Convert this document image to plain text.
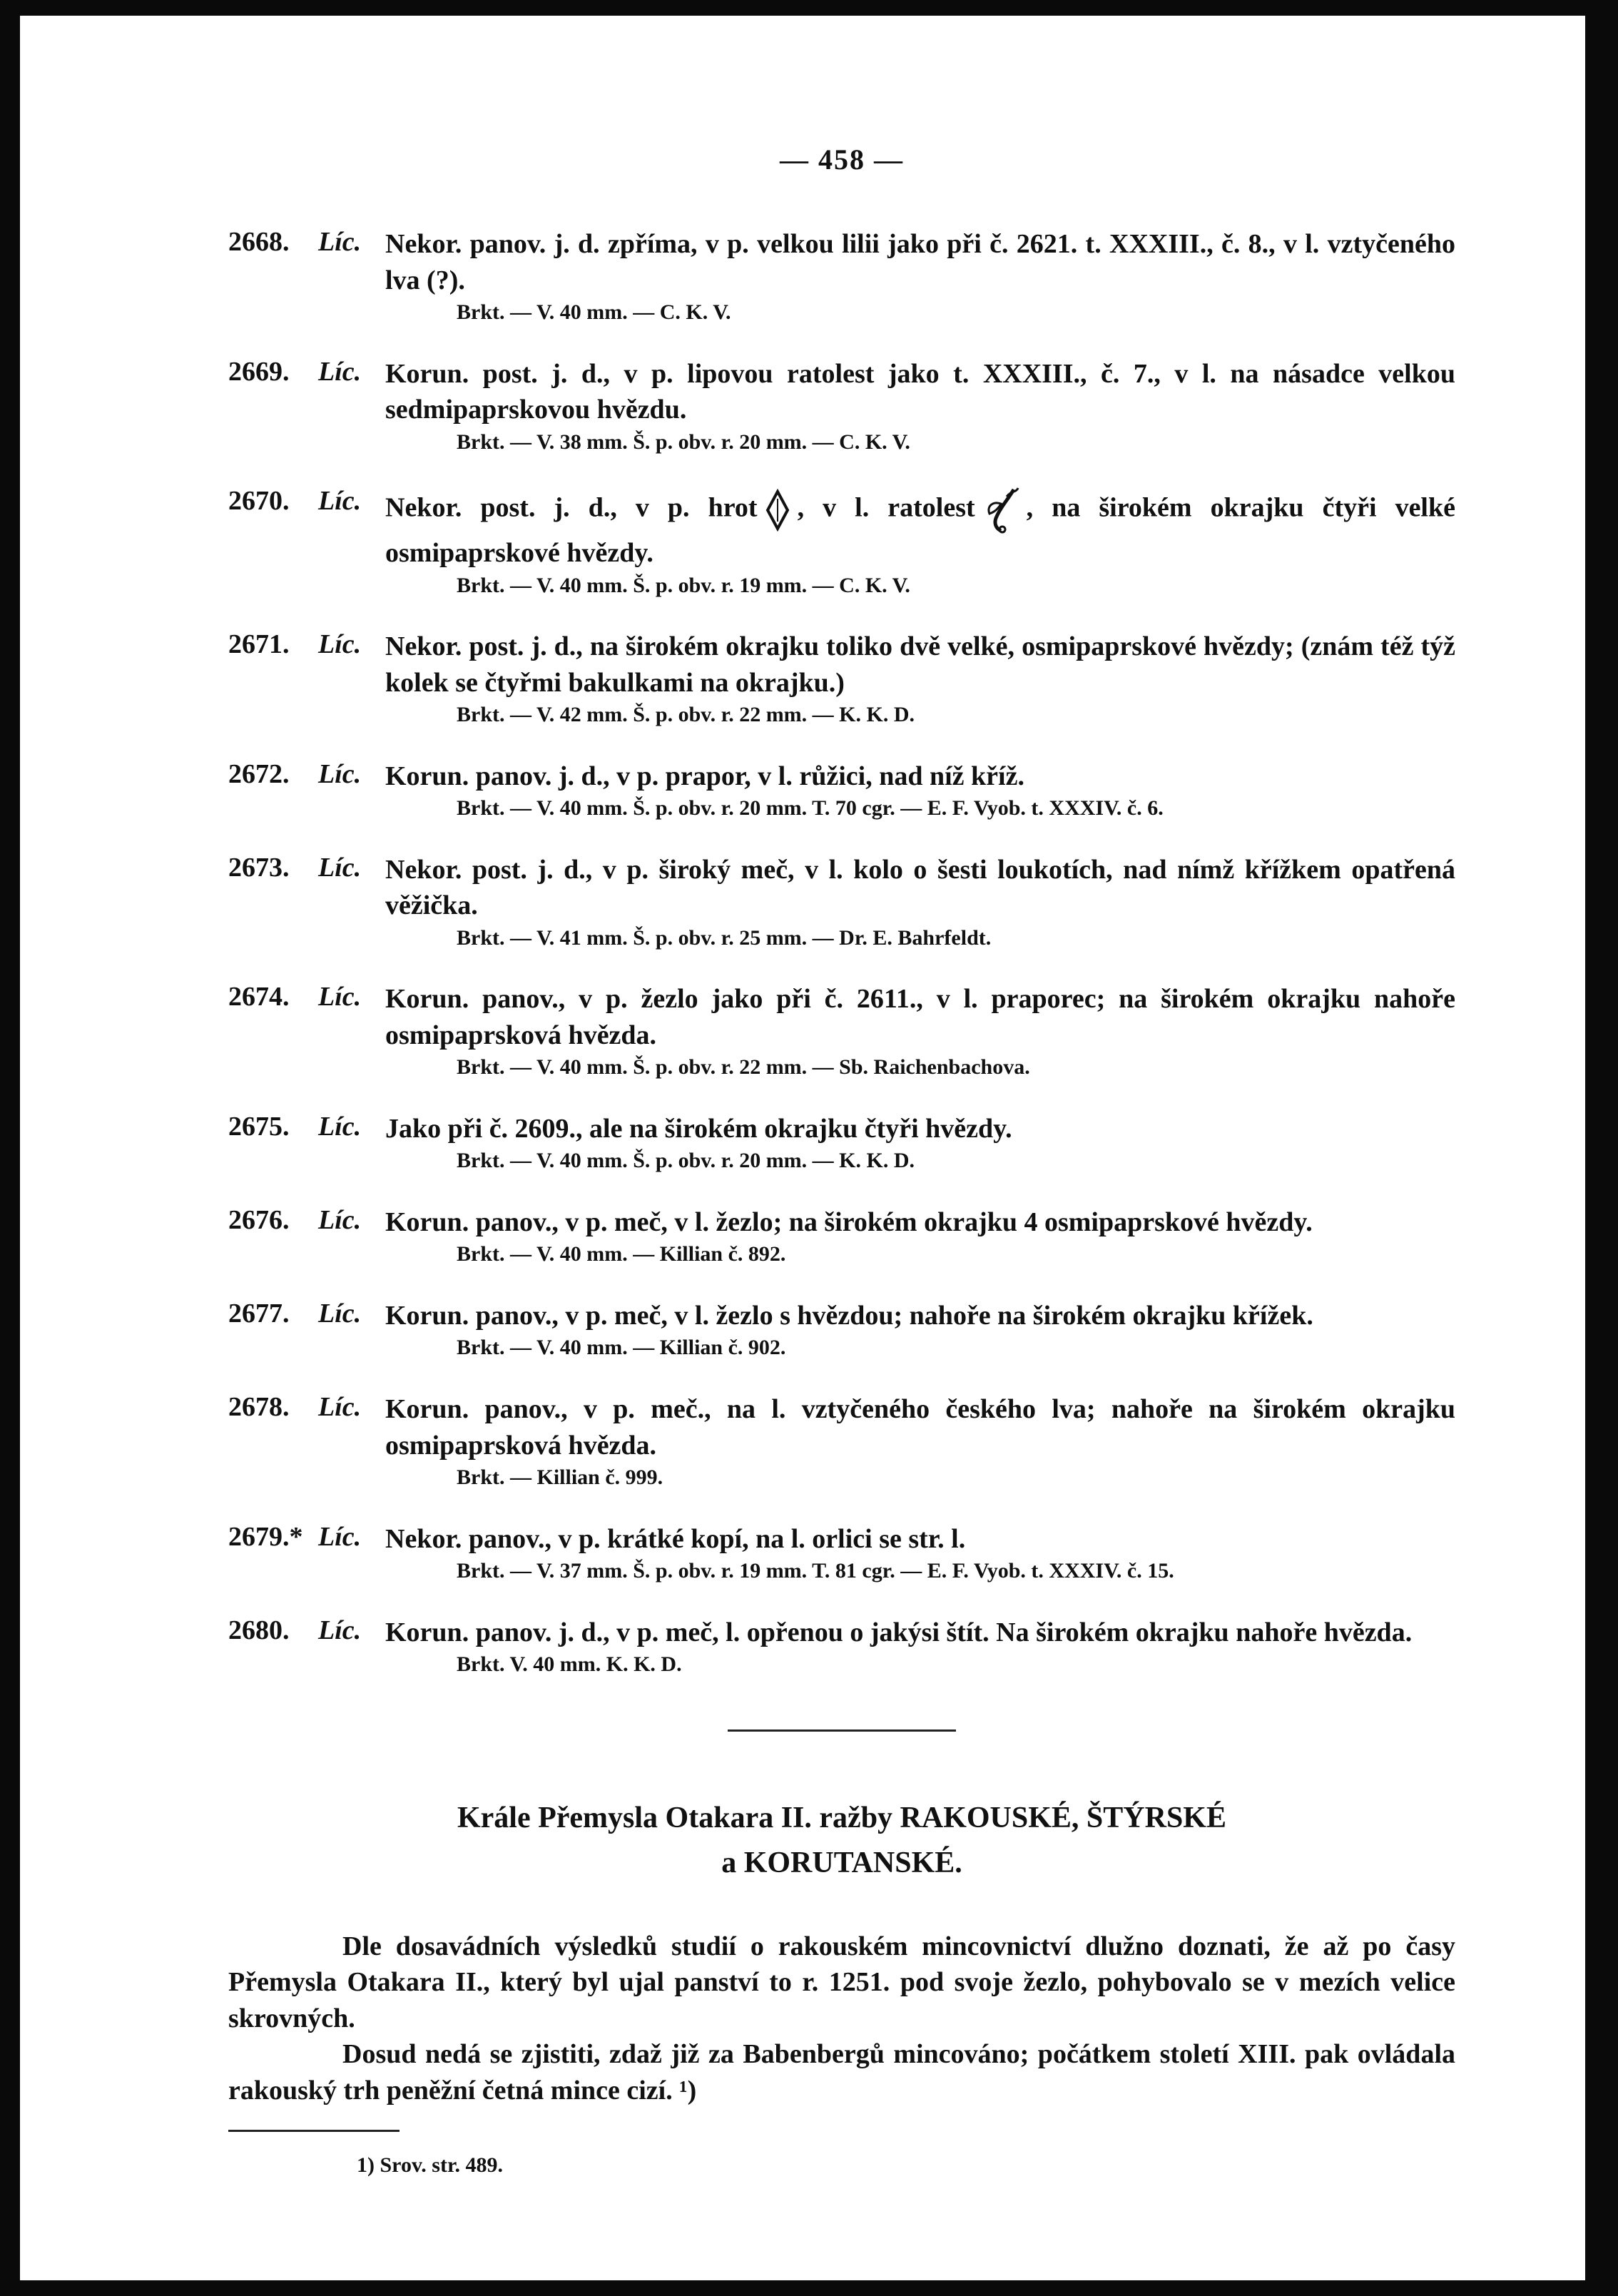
— 458 —
2668.	Líc. Nekor. panov. j. d. zpříma, v p. velkou lilii jako při č. 2621. t. XXXIII., č. 8., v l. vztyčeného lva (?).
Brkt. — V. 40 mm. — C. K. V.
2669.	Líc. Korun. post. j. d., v p. lipovou ratolest jako t. XXXIII., č. 7., v l. na násadce velkou sedmipaprskovou hvězdu.
Brkt. — V. 38 mm. Š. p. obv. r. 20 mm. — C. K. V.
2670.	Líc. Nekor. post. j. d., v p. hrot , v l. ratolest , na širokém okrajku čtyři velké osmipaprskové hvězdy.
Brkt. — V. 40 mm. Š. p. obv. r. 19 mm. — C. K. V.
2671.	Líc. Nekor. post. j. d., na širokém okrajku toliko dvě velké, osmipaprskové hvězdy; (znám též týž kolek se čtyřmi bakulkami na okrajku.)
Brkt. — V. 42 mm. Š. p. obv. r. 22 mm. — K. K. D.
2672.	Líc. Korun. panov. j. d., v p. prapor, v l. růžici, nad níž kříž.
Brkt. — V. 40 mm. Š. p. obv. r. 20 mm. T. 70 cgr. — E. F. Vyob. t. XXXIV. č. 6.
2673.	Líc. Nekor. post. j. d., v p. široký meč, v l. kolo o šesti loukotích, nad nímž křížkem opatřená věžička.
Brkt. — V. 41 mm. Š. p. obv. r. 25 mm. — Dr. E. Bahrfeldt.
2674.	Líc. Korun. panov., v p. žezlo jako při č. 2611., v l. praporec; na širokém okrajku nahoře osmipaprsková hvězda.
Brkt. — V. 40 mm. Š. p. obv. r. 22 mm. — Sb. Raichenbachova.
2675.	Líc. Jako při č. 2609., ale na širokém okrajku čtyři hvězdy.
Brkt. — V. 40 mm. Š. p. obv. r. 20 mm. — K. K. D.
2676.	Líc. Korun. panov., v p. meč, v l. žezlo; na širokém okrajku 4 osmipaprskové hvězdy.
Brkt. — V. 40 mm. — Killian č. 892.
2677.	Líc. Korun. panov., v p. meč, v l. žezlo s hvězdou; nahoře na širokém okrajku křížek.
Brkt. — V. 40 mm. — Killian č. 902.
2678.	Líc. Korun. panov., v p. meč., na l. vztyčeného českého lva; nahoře na širokém okrajku osmipaprsková hvězda.
Brkt. — Killian č. 999.
2679.* Líc. Nekor. panov., v p. krátké kopí, na l. orlici se str. l.
Brkt. — V. 37 mm. Š. p. obv. r. 19 mm. T. 81 cgr. — E. F. Vyob. t. XXXIV. č. 15.
2680.	Líc. Korun. panov. j. d., v p. meč, l. opřenou o jakýsi štít. Na širokém okrajku nahoře hvězda.
Brkt. V. 40 mm. K. K. D.
Krále Přemysla Otakara II. ražby RAKOUSKÉ, ŠTÝRSKÉ
a KORUTANSKÉ.
Dle dosavádních výsledků studií o rakouském mincovnictví dlužno doznati, že až po časy Přemysla Otakara II., který byl ujal panství to r. 1251. pod svoje žezlo, pohybovalo se v mezích velice skrovných.
Dosud nedá se zjistiti, zdaž již za Babenbergů mincováno; počátkem století XIII. pak ovládala rakouský trh peněžní četná mince cizí. ¹)
1) Srov. str. 489.
